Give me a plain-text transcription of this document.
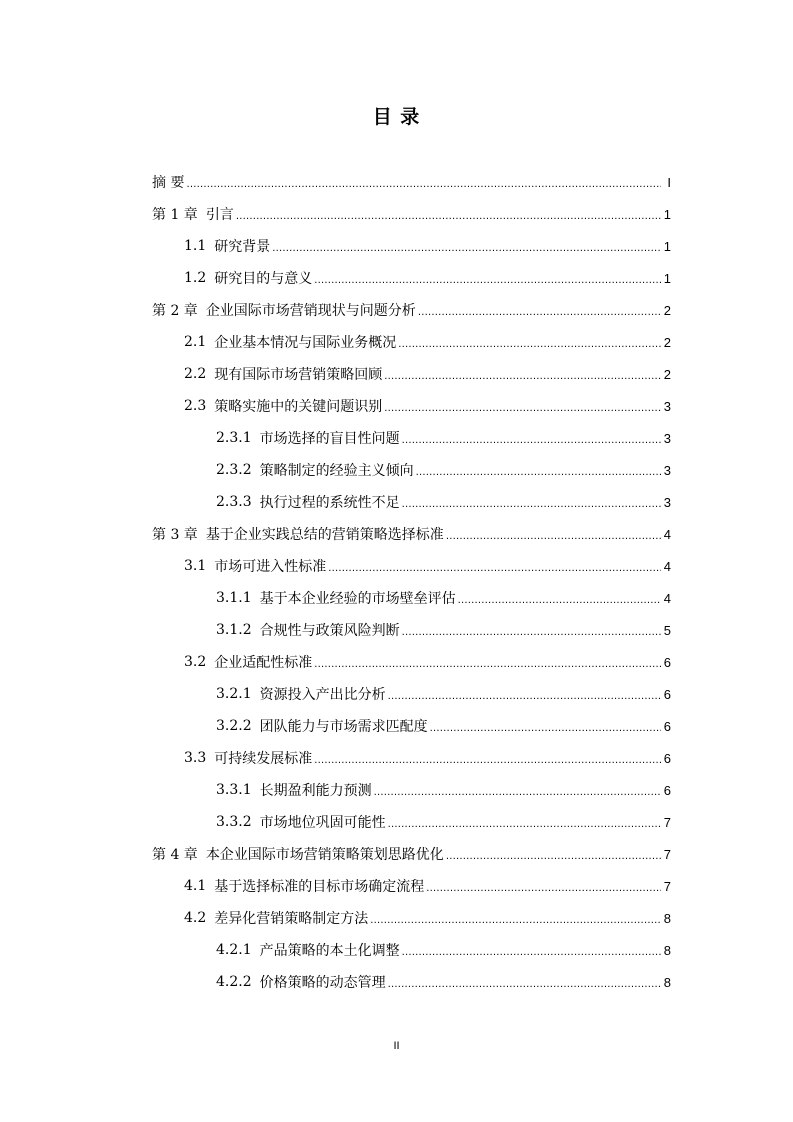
目 录
摘 要 .....	I
第 1 章 引言 .....	1
1.1 研究背景 .....	1
1.2 研究目的与意义 .....	1
第 2 章 企业国际市场营销现状与问题分析 .....	2
2.1 企业基本情况与国际业务概况 .....	2
2.2 现有国际市场营销策略回顾 .....	2
2.3 策略实施中的关键问题识别 .....	3
2.3.1 市场选择的盲目性问题 .....	3
2.3.2 策略制定的经验主义倾向 .....	3
2.3.3 执行过程的系统性不足 .....	3
第 3 章 基于企业实践总结的营销策略选择标准 .....	4
3.1 市场可进入性标准 .....	4
3.1.1 基于本企业经验的市场壁垒评估 .....	4
3.1.2 合规性与政策风险判断 .....	5
3.2 企业适配性标准 .....	6
3.2.1 资源投入产出比分析 .....	6
3.2.2 团队能力与市场需求匹配度 .....	6
3.3 可持续发展标准 .....	6
3.3.1 长期盈利能力预测 .....	6
3.3.2 市场地位巩固可能性 .....	7
第 4 章 本企业国际市场营销策略策划思路优化 .....	7
4.1 基于选择标准的目标市场确定流程 .....	7
4.2 差异化营销策略制定方法 .....	8
4.2.1 产品策略的本土化调整 .....	8
4.2.2 价格策略的动态管理 .....	8
II
